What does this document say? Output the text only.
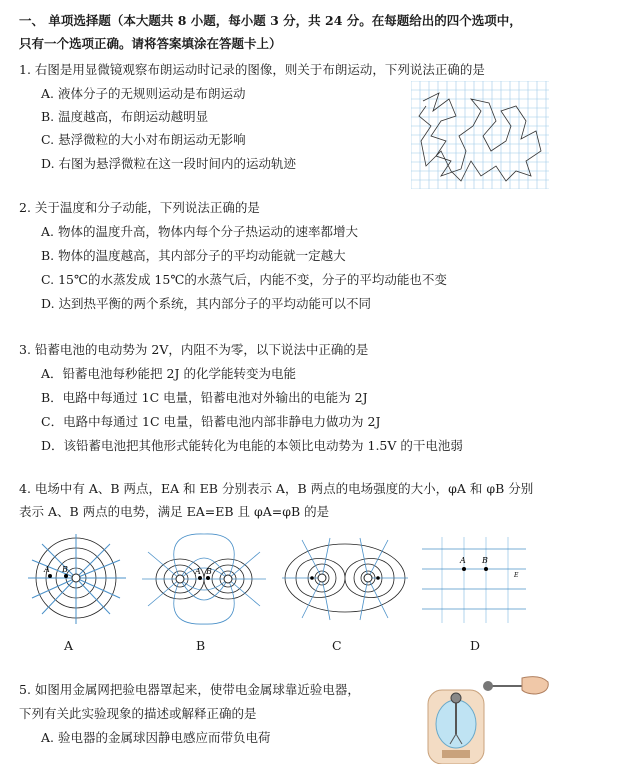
一、 单项选择题（本大题共 8 小题，每小题 3 分，共 24 分。在每题给出的四个选项中，
只有一个选项正确。请将答案填涂在答题卡上）
1. 右图是用显微镜观察布朗运动时记录的图像，则关于布朗运动，下列说法正确的是
A. 液体分子的无规则运动是布朗运动
B. 温度越高，布朗运动越明显
C. 悬浮微粒的大小对布朗运动无影响
D. 右图为悬浮微粒在这一段时间内的运动轨迹
2. 关于温度和分子动能，下列说法正确的是
A. 物体的温度升高，物体内每个分子热运动的速率都增大
B. 物体的温度越高，其内部分子的平均动能就一定越大
C. 15℃的水蒸发成 15℃的水蒸气后，内能不变，分子的平均动能也不变
D. 达到热平衡的两个系统，其内部分子的平均动能可以不同
3. 铅蓄电池的电动势为 2V，内阻不为零，以下说法中正确的是
A．铅蓄电池每秒能把 2J 的化学能转变为电能
B．电路中每通过 1C 电量，铅蓄电池对外输出的电能为 2J
C．电路中每通过 1C 电量，铅蓄电池内部非静电力做功为 2J
D．该铅蓄电池把其他形式能转化为电能的本领比电动势为 1.5V 的干电池弱
4. 电场中有 A、B 两点，EA 和 EB 分别表示 A，B 两点的电场强度的大小，φA 和 φB 分别
表示 A、B 两点的电势，满足 EA=EB 且 φA=φB 的是
A B
A
A B
B	C
A B
E
D
5. 如图用金属网把验电器罩起来，使带电金属球靠近验电器，
下列有关此实验现象的描述或解释正确的是
A. 验电器的金属球因静电感应而带负电荷
